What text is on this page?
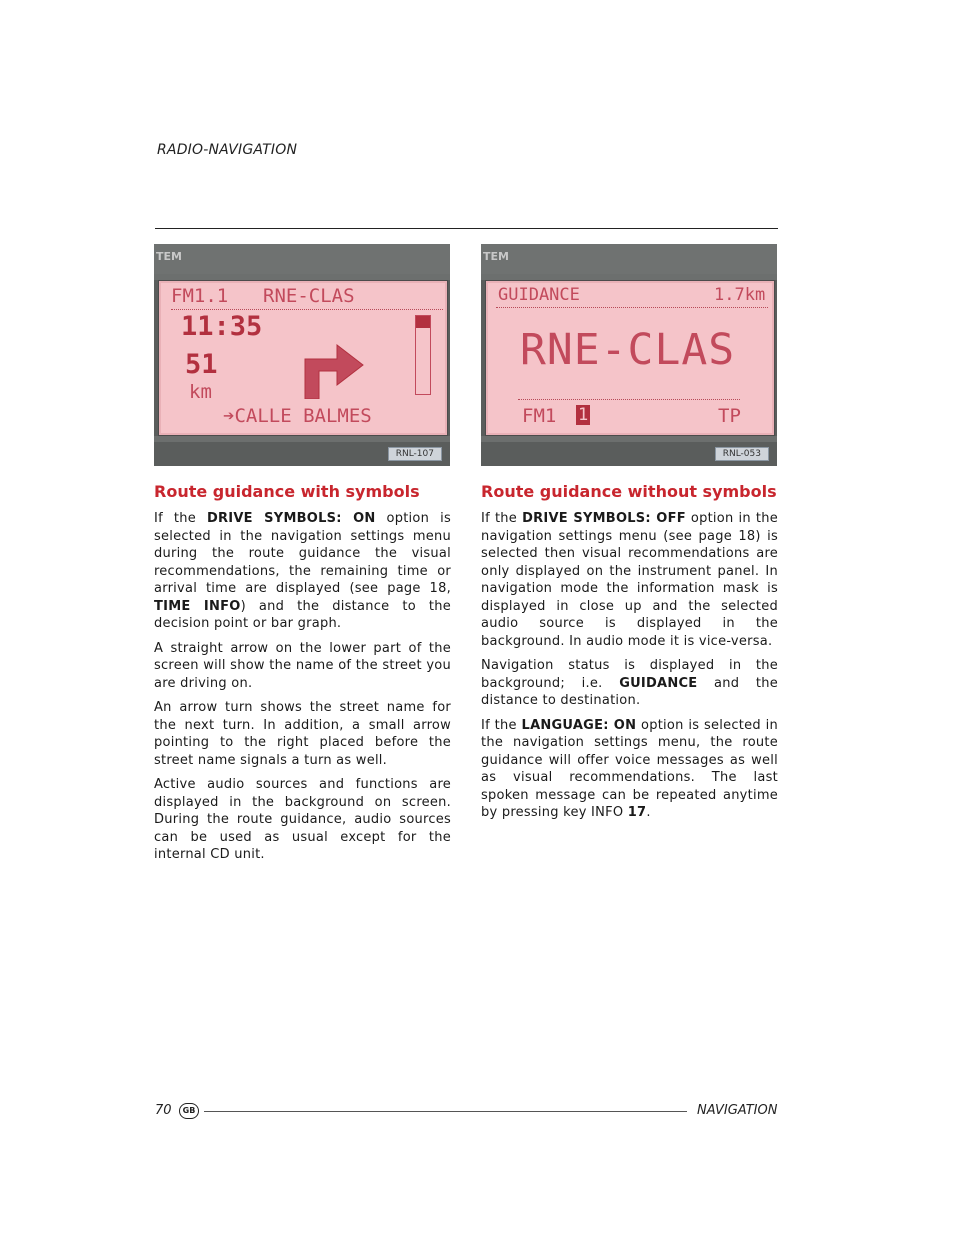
RADIO-NAVIGATION
TEM
FM1.1 RNE-CLAS
11:35
51
km
➔CALLE BALMES
RNL-107
TEM
GUIDANCE	1.7km
RNE-CLAS
FM1 1	TP
RNL-053
Route guidance with symbols

If the DRIVE SYMBOLS: ON option is selected in the navigation settings menu during the route guidance the visual recommendations, the remaining time or arrival time are displayed (see page 18, TIME INFO) and the distance to the decision point or bar graph.

A straight arrow on the lower part of the screen will show the name of the street you are driving on.

An arrow turn shows the street name for the next turn. In addition, a small arrow pointing to the right placed before the street name signals a turn as well.

Active audio sources and functions are displayed in the background on screen. During the route guidance, audio sources can be used as usual except for the internal CD unit.

Route guidance without symbols

If the DRIVE SYMBOLS: OFF option in the navigation settings menu (see page 18) is selected then visual recommendations are only displayed on the instrument panel. In navigation mode the information mask is displayed in close up and the selected audio source is displayed in the background. In audio mode it is vice-versa.

Navigation status is displayed in the background; i.e. GUIDANCE and the distance to destination.

If the LANGUAGE: ON option is selected in the navigation settings menu, the route guidance will offer voice messages as well as visual recommendations. The last spoken message can be repeated anytime by pressing key INFO 17.

70	GB	NAVIGATION
